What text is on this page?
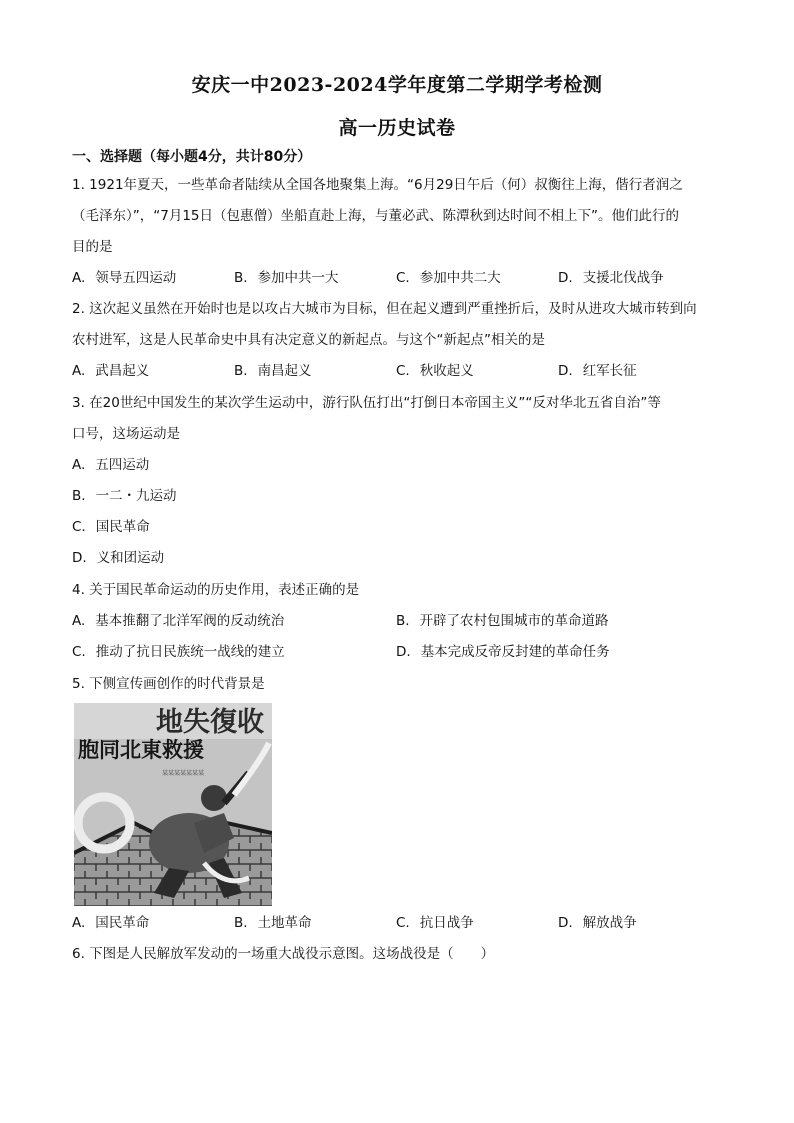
安庆一中2023-2024学年度第二学期学考检测
高一历史试卷
一、选择题（每小题4分，共计80分）
1. 1921年夏天，一些革命者陆续从全国各地聚集上海。“6月29日午后（何）叔衡往上海，偕行者润之
（毛泽东）”，“7月15日（包惠僧）坐船直赴上海，与董必武、陈潭秋到达时间不相上下”。他们此行的
目的是
A. 领导五四运动	B. 参加中共一大	C. 参加中共二大	D. 支援北伐战争
2. 这次起义虽然在开始时也是以攻占大城市为目标，但在起义遭到严重挫折后，及时从进攻大城市转到向
农村进军，这是人民革命史中具有决定意义的新起点。与这个“新起点”相关的是
A. 武昌起义	B. 南昌起义	C. 秋收起义	D. 红军长征
3. 在20世纪中国发生的某次学生运动中，游行队伍打出“打倒日本帝国主义”“反对华北五省自治”等
口号，这场运动是
A. 五四运动
B. 一二・九运动
C. 国民革命
D. 义和团运动
4. 关于国民革命运动的历史作用，表述正确的是
A. 基本推翻了北洋军阀的反动统治	B. 开辟了农村包围城市的革命道路
C. 推动了抗日民族统一战线的建立	D. 基本完成反帝反封建的革命任务
5. 下侧宣传画创作的时代背景是
地失復收
胞同北東救援
某某某某某某某
A. 国民革命	B. 土地革命	C. 抗日战争	D. 解放战争
6. 下图是人民解放军发动的一场重大战役示意图。这场战役是（　　）
